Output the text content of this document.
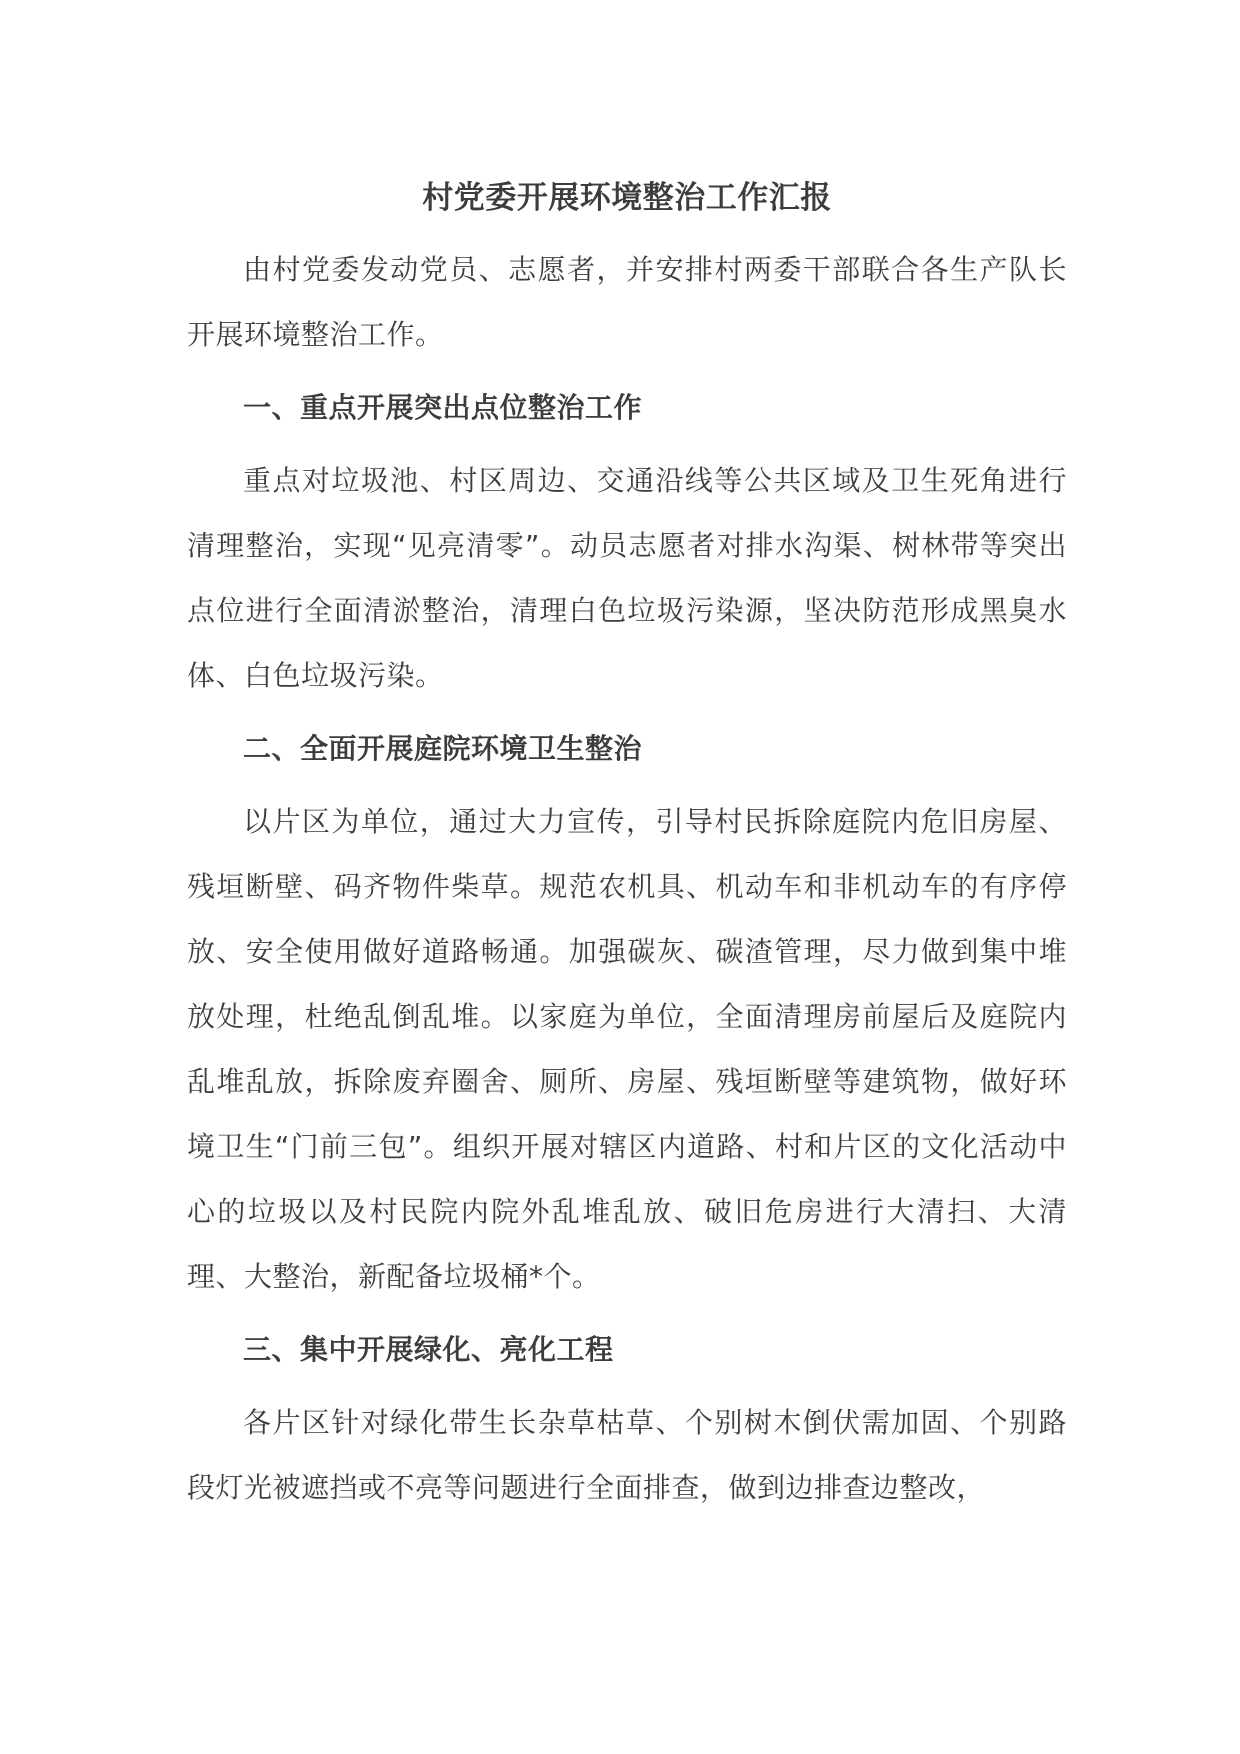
村党委开展环境整治工作汇报

由村党委发动党员、志愿者，并安排村两委干部联合各生产队长开展环境整治工作。

一、重点开展突出点位整治工作

重点对垃圾池、村区周边、交通沿线等公共区域及卫生死角进行清理整治，实现“见亮清零”。动员志愿者对排水沟渠、树林带等突出点位进行全面清淤整治，清理白色垃圾污染源，坚决防范形成黑臭水体、白色垃圾污染。

二、全面开展庭院环境卫生整治

以片区为单位，通过大力宣传，引导村民拆除庭院内危旧房屋、残垣断壁、码齐物件柴草。规范农机具、机动车和非机动车的有序停放、安全使用做好道路畅通。加强碳灰、碳渣管理，尽力做到集中堆放处理，杜绝乱倒乱堆。以家庭为单位，全面清理房前屋后及庭院内乱堆乱放，拆除废弃圈舍、厕所、房屋、残垣断壁等建筑物，做好环境卫生“门前三包”。组织开展对辖区内道路、村和片区的文化活动中心的垃圾以及村民院内院外乱堆乱放、破旧危房进行大清扫、大清理、大整治，新配备垃圾桶*个。

三、集中开展绿化、亮化工程

各片区针对绿化带生长杂草枯草、个别树木倒伏需加固、个别路段灯光被遮挡或不亮等问题进行全面排查，做到边排查边整改，
